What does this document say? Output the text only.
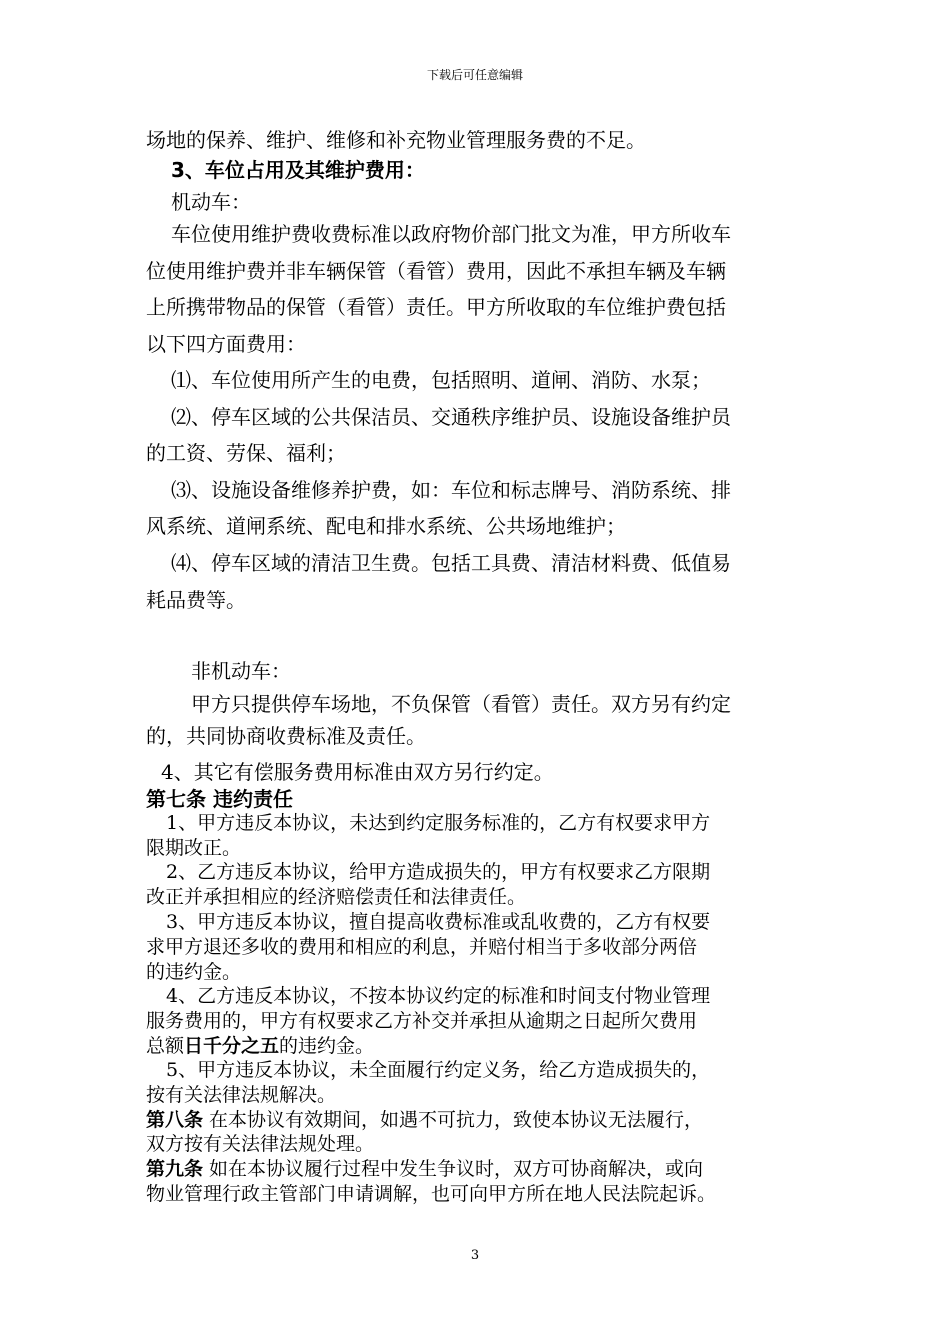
下载后可任意编辑
场地的保养、维护、维修和补充物业管理服务费的不足。
3、车位占用及其维护费用：
机动车：
车位使用维护费收费标准以政府物价部门批文为准，甲方所收车
位使用维护费并非车辆保管（看管）费用，因此不承担车辆及车辆
上所携带物品的保管（看管）责任。甲方所收取的车位维护费包括
以下四方面费用：
⑴、车位使用所产生的电费，包括照明、道闸、消防、水泵；
⑵、停车区域的公共保洁员、交通秩序维护员、设施设备维护员
的工资、劳保、福利；
⑶、设施设备维修养护费，如：车位和标志牌号、消防系统、排
风系统、道闸系统、配电和排水系统、公共场地维护；
⑷、停车区域的清洁卫生费。包括工具费、清洁材料费、低值易
耗品费等。
非机动车：
甲方只提供停车场地，不负保管（看管）责任。双方另有约定
的，共同协商收费标准及责任。
4、其它有偿服务费用标准由双方另行约定。
第七条 违约责任
1、甲方违反本协议，未达到约定服务标准的，乙方有权要求甲方
限期改正。
2、乙方违反本协议，给甲方造成损失的，甲方有权要求乙方限期
改正并承担相应的经济赔偿责任和法律责任。
3、甲方违反本协议，擅自提高收费标准或乱收费的，乙方有权要
求甲方退还多收的费用和相应的利息，并赔付相当于多收部分两倍
的违约金。
4、乙方违反本协议，不按本协议约定的标准和时间支付物业管理
服务费用的，甲方有权要求乙方补交并承担从逾期之日起所欠费用
总额日千分之五的违约金。
5、甲方违反本协议，未全面履行约定义务，给乙方造成损失的，
按有关法律法规解决。
第八条 在本协议有效期间，如遇不可抗力，致使本协议无法履行，
双方按有关法律法规处理。
第九条 如在本协议履行过程中发生争议时，双方可协商解决，或向
物业管理行政主管部门申请调解，也可向甲方所在地人民法院起诉。
3
